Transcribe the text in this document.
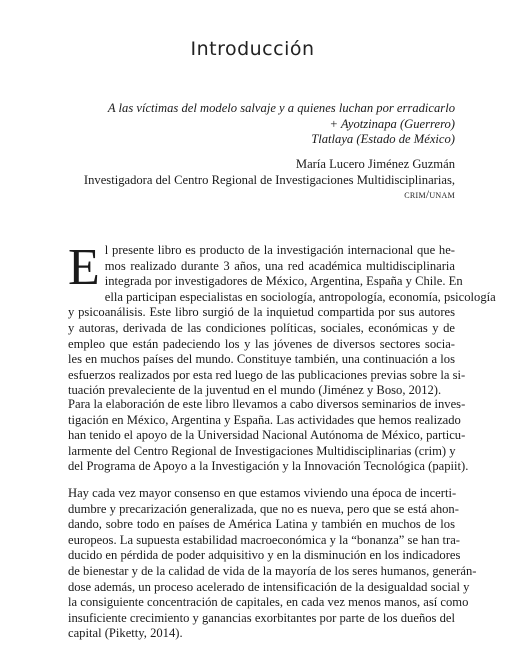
Introducción
A las víctimas del modelo salvaje y a quienes luchan por erradicarlo
+ Ayotzinapa (Guerrero)
Tlatlaya (Estado de México)
María Lucero Jiménez Guzmán
Investigadora del Centro Regional de Investigaciones Multidisciplinarias,
crim/unam
E l presente libro es producto de la investigación internacional que he-
mos realizado durante 3 años, una red académica multidisciplinaria
integrada por investigadores de México, Argentina, España y Chile. En
ella participan especialistas en sociología, antropología, economía, psicología
y psicoanálisis. Este libro surgió de la inquietud compartida por sus autores
y autoras, derivada de las condiciones políticas, sociales, económicas y de
empleo que están padeciendo los y las jóvenes de diversos sectores socia-
les en muchos países del mundo. Constituye también, una continuación a los
esfuerzos realizados por esta red luego de las publicaciones previas sobre la si-
tuación prevaleciente de la juventud en el mundo (Jiménez y Boso, 2012).
Para la elaboración de este libro llevamos a cabo diversos seminarios de inves-
tigación en México, Argentina y España. Las actividades que hemos realizado
han tenido el apoyo de la Universidad Nacional Autónoma de México, particu-
larmente del Centro Regional de Investigaciones Multidisciplinarias (crim) y
del Programa de Apoyo a la Investigación y la Innovación Tecnológica (papiit).
Hay cada vez mayor consenso en que estamos viviendo una época de incerti-
dumbre y precarización generalizada, que no es nueva, pero que se está ahon-
dando, sobre todo en países de América Latina y también en muchos de los
europeos. La supuesta estabilidad macroeconómica y la “bonanza” se han tra-
ducido en pérdida de poder adquisitivo y en la disminución en los indicadores
de bienestar y de la calidad de vida de la mayoría de los seres humanos, generán-
dose además, un proceso acelerado de intensificación de la desigualdad social y
la consiguiente concentración de capitales, en cada vez menos manos, así como
insuficiente crecimiento y ganancias exorbitantes por parte de los dueños del
capital (Piketty, 2014).
